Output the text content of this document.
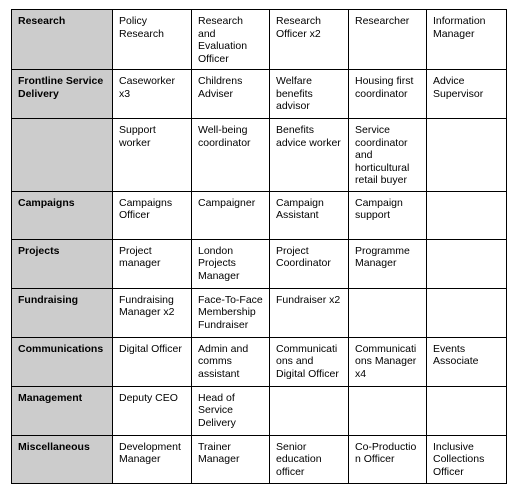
Research	Policy Research	Research and Evaluation Officer	Research Officer x2	Researcher	Information Manager
Frontline Service Delivery	Caseworker x3	Childrens Adviser	Welfare benefits advisor	Housing first coordinator	Advice Supervisor
	Support worker	Well-being coordinator	Benefits advice worker	Service coordinator and horticultural retail buyer	
Campaigns	Campaigns Officer	Campaigner	Campaign Assistant	Campaign support	
Projects	Project manager	London Projects Manager	Project Coordinator	Programme Manager	
Fundraising	Fundraising Manager x2	Face-To-Face Membership Fundraiser	Fundraiser x2		
Communications	Digital Officer	Admin and comms assistant	Communicati ons and Digital Officer	Communicati ons Manager x4	Events Associate
Management	Deputy CEO	Head of Service Delivery			
Miscellaneous	Development Manager	Trainer Manager	Senior education officer	Co-Productio n Officer	Inclusive Collections Officer
